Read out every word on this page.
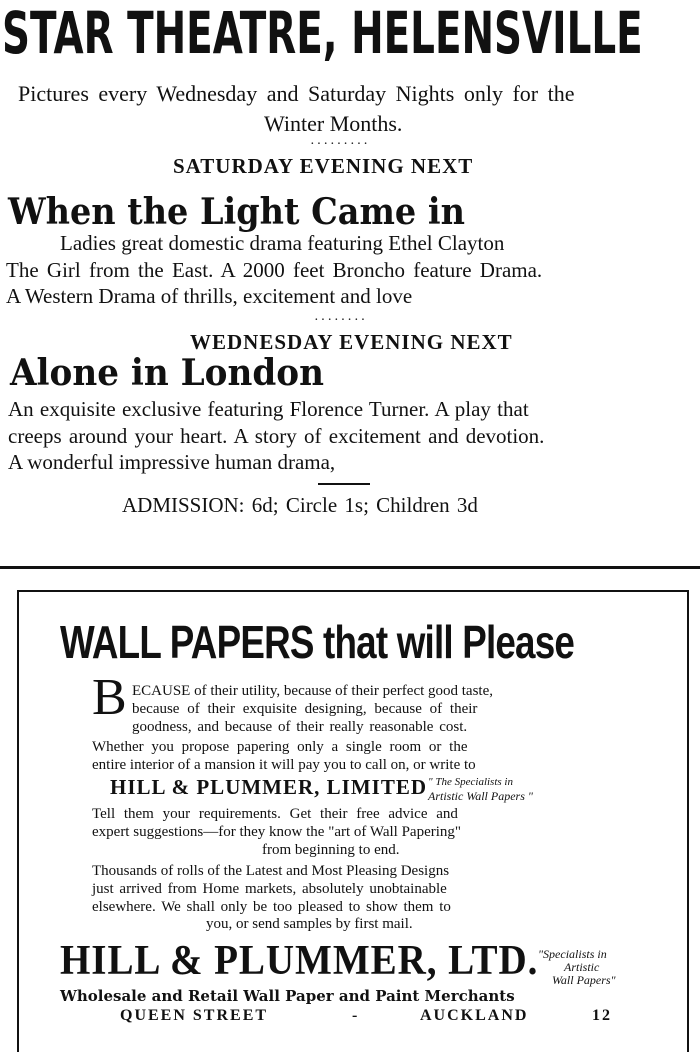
STAR THEATRE, HELENSVILLE
Pictures every Wednesday and Saturday Nights only for the
Winter Months.
·········
SATURDAY EVENING NEXT
When the Light Came in
Ladies great domestic drama featuring Ethel Clayton
The Girl from the East. A 2000 feet Broncho feature Drama.
A Western Drama of thrills, excitement and love
········
WEDNESDAY EVENING NEXT
Alone in London
An exquisite exclusive featuring Florence Turner. A play that
creeps around your heart. A story of excitement and devotion.
A wonderful impressive human drama,
ADMISSION: 6d; Circle 1s; Children 3d
WALL PAPERS that will Please
B ECAUSE of their utility, because of their perfect good taste,
because of their exquisite designing, because of their
goodness, and because of their really reasonable cost.
Whether you propose papering only a single room or the
entire interior of a mansion it will pay you to call on, or write to
HILL & PLUMMER, LIMITED " The Specialists in
Artistic Wall Papers "
Tell them your requirements. Get their free advice and
expert suggestions—for they know the "art of Wall Papering"
from beginning to end.
Thousands of rolls of the Latest and Most Pleasing Designs
just arrived from Home markets, absolutely unobtainable
elsewhere. We shall only be too pleased to show them to
you, or send samples by first mail.
HILL & PLUMMER, LTD. "Specialists in
Artistic
Wall Papers"
Wholesale and Retail Wall Paper and Paint Merchants
QUEEN STREET	-	AUCKLAND	12
